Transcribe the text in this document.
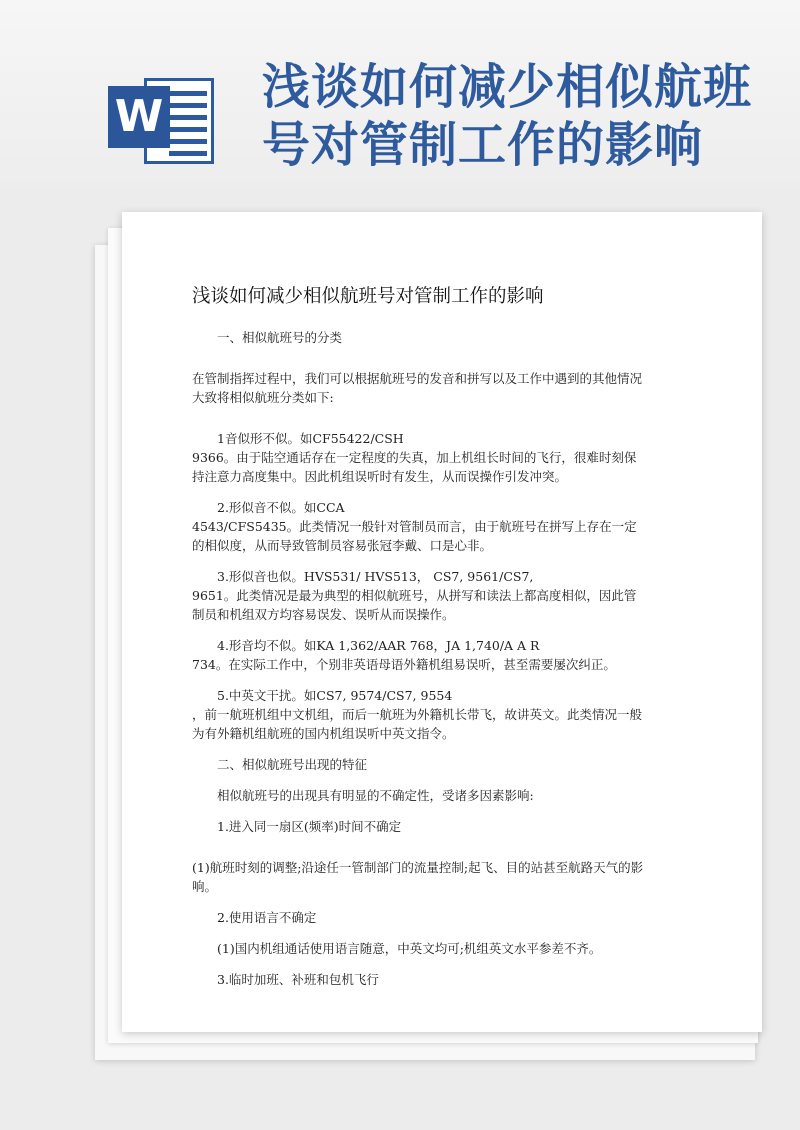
W
浅谈如何减少相似航班号对管制工作的影响
浅谈如何减少相似航班号对管制工作的影响

一、相似航班号的分类

在管制指挥过程中，我们可以根据航班号的发音和拼写以及工作中遇到的其他情况大致将相似航班分类如下:

1音似形不似。如CF55422/CSH

9366。由于陆空通话存在一定程度的失真，加上机组长时间的飞行，很难时刻保持注意力高度集中。因此机组误听时有发生，从而误操作引发冲突。

2.形似音不似。如CCA

4543/CFS5435。此类情况一般针对管制员而言，由于航班号在拼写上存在一定的相似度，从而导致管制员容易张冠李戴、口是心非。

3.形似音也似。HVS531/ HVS513， CS7, 9561/CS7,

9651。此类情况是最为典型的相似航班号，从拼写和读法上都高度相似，因此管制员和机组双方均容易误发、误听从而误操作。

4.形音均不似。如KA 1,362/AAR 768，JA 1,740/A A R

734。在实际工作中，个别非英语母语外籍机组易误听，甚至需要屡次纠正。

5.中英文干扰。如CS7, 9574/CS7, 9554

，前一航班机组中文机组，而后一航班为外籍机长带飞，故讲英文。此类情况一般为有外籍机组航班的国内机组误听中英文指令。

二、相似航班号出现的特征

相似航班号的出现具有明显的不确定性，受诸多因素影响:

1.进入同一扇区(频率)时间不确定

(1)航班时刻的调整;沿途任一管制部门的流量控制;起飞、目的站甚至航路天气的影响。

2.使用语言不确定

(1)国内机组通话使用语言随意，中英文均可;机组英文水平参差不齐。

3.临时加班、补班和包机飞行
